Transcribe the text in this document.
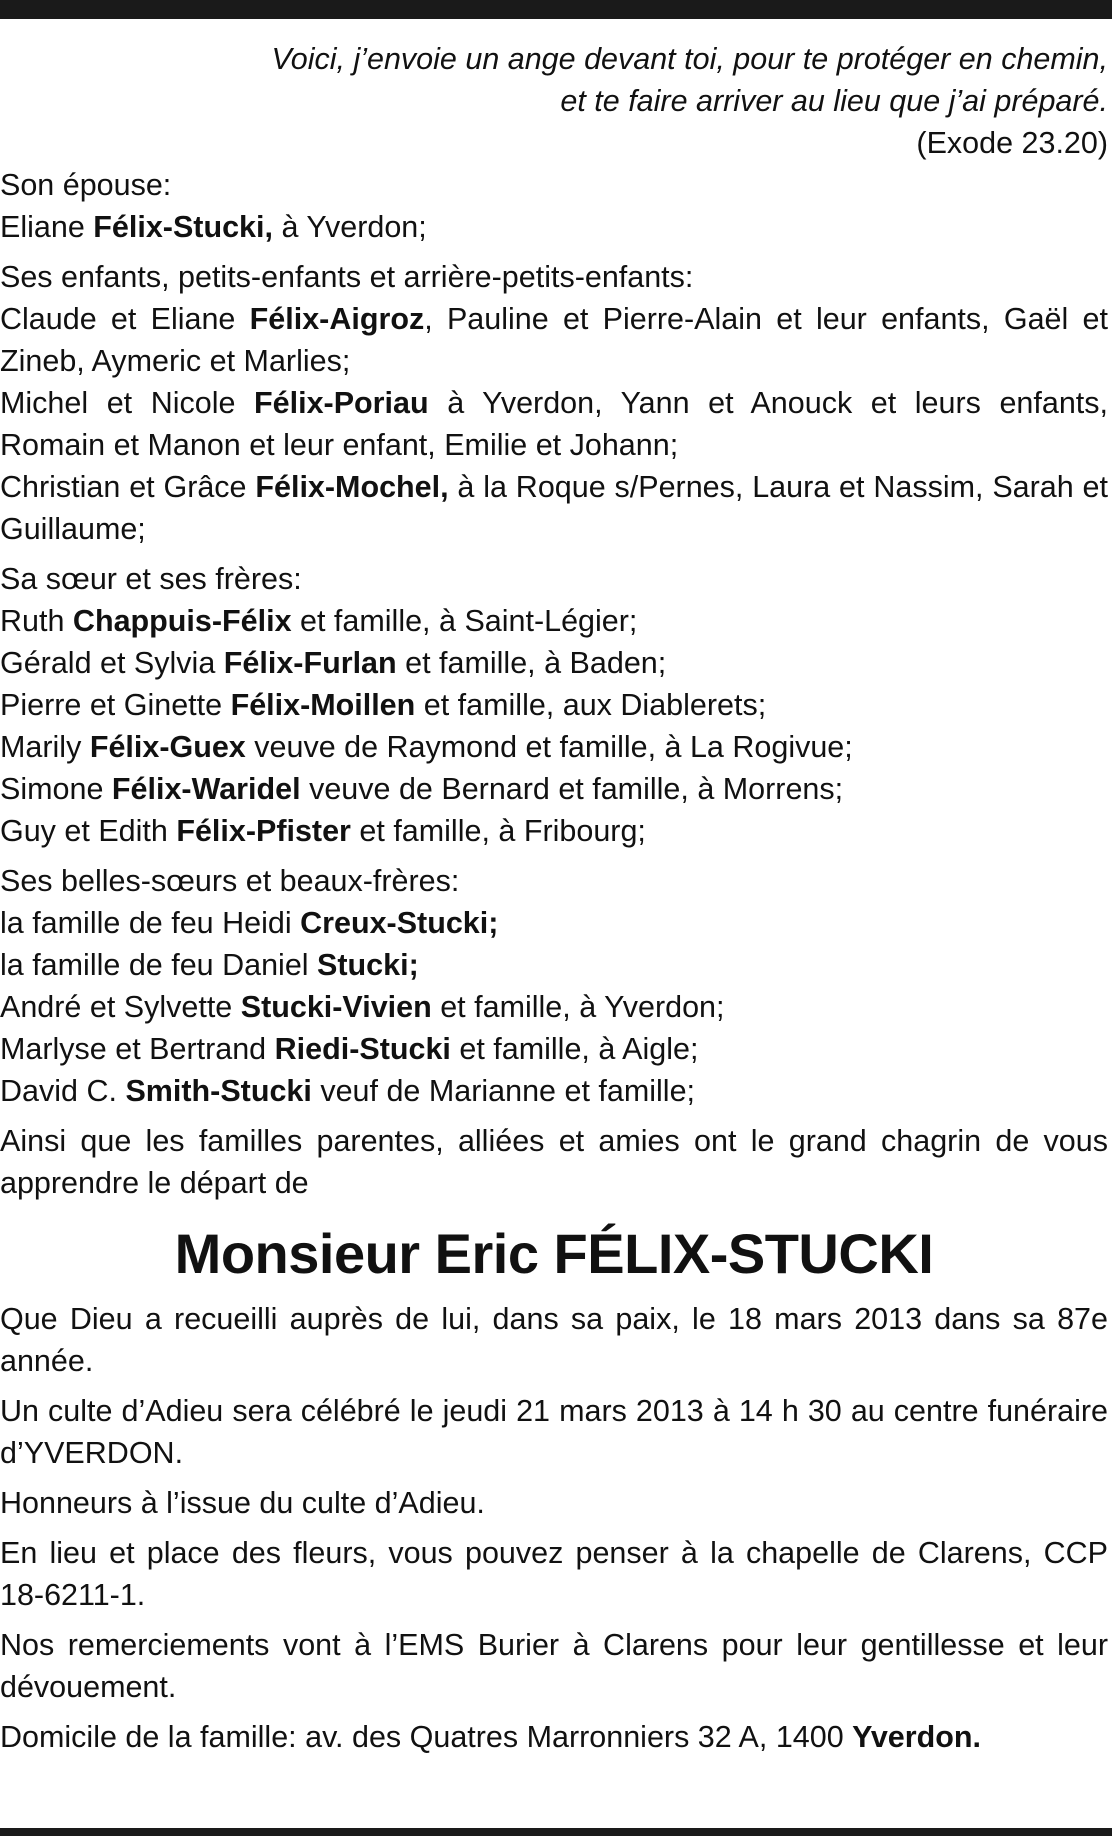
Voici, j’envoie un ange devant toi, pour te protéger en chemin,
et te faire arriver au lieu que j’ai préparé.
(Exode 23.20)

Son épouse:
Eliane Félix-Stucki, à Yverdon;

Ses enfants, petits-enfants et arrière-petits-enfants:
Claude et Eliane Félix-Aigroz, Pauline et Pierre-Alain et leur enfants, Gaël et Zineb, Aymeric et Marlies;
Michel et Nicole Félix-Poriau à Yverdon, Yann et Anouck et leurs enfants, Romain et Manon et leur enfant, Emilie et Johann;
Christian et Grâce Félix-Mochel, à la Roque s/Pernes, Laura et Nassim, Sarah et Guillaume;

Sa sœur et ses frères:
Ruth Chappuis-Félix et famille, à Saint-Légier;
Gérald et Sylvia Félix-Furlan et famille, à Baden;
Pierre et Ginette Félix-Moillen et famille, aux Diablerets;
Marily Félix-Guex veuve de Raymond et famille, à La Rogivue;
Simone Félix-Waridel veuve de Bernard et famille, à Morrens;
Guy et Edith Félix-Pfister et famille, à Fribourg;

Ses belles-sœurs et beaux-frères:
la famille de feu Heidi Creux-Stucki;
la famille de feu Daniel Stucki;
André et Sylvette Stucki-Vivien et famille, à Yverdon;
Marlyse et Bertrand Riedi-Stucki et famille, à Aigle;
David C. Smith-Stucki veuf de Marianne et famille;

Ainsi que les familles parentes, alliées et amies ont le grand chagrin de vous apprendre le départ de

Monsieur Eric FÉLIX-STUCKI

Que Dieu a recueilli auprès de lui, dans sa paix, le 18 mars 2013 dans sa 87e année.

Un culte d’Adieu sera célébré le jeudi 21 mars 2013 à 14 h 30 au centre funéraire d’YVERDON.

Honneurs à l’issue du culte d’Adieu.

En lieu et place des fleurs, vous pouvez penser à la chapelle de Clarens, CCP 18-6211-1.

Nos remerciements vont à l’EMS Burier à Clarens pour leur gentillesse et leur dévouement.

Domicile de la famille: av. des Quatres Marronniers 32 A, 1400 Yverdon.
